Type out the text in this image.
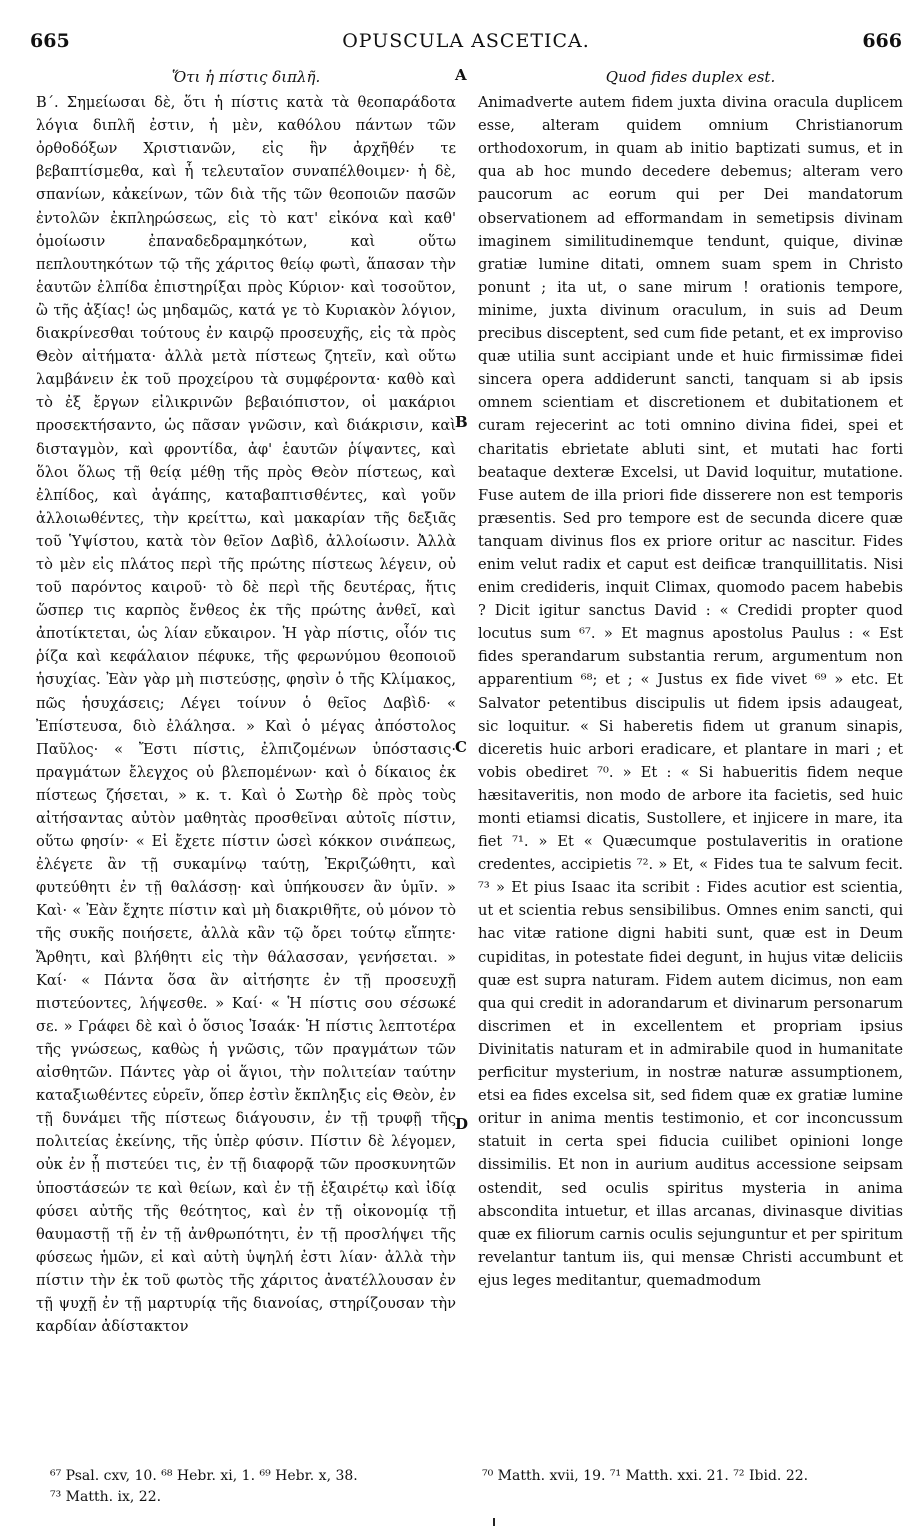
665	OPUSCULA ASCETICA.	666
Ὅτι ἡ πίστις διπλῆ.

Β΄. Σημείωσαι δὲ, ὅτι ἡ πίστις κατὰ τὰ θεοπαράδοτα λόγια διπλῆ ἐστιν, ἡ μὲν, καθόλου πάντων τῶν ὀρθοδόξων Χριστιανῶν, εἰς ἣν ἀρχῆθέν τε βεβαπτίσμεθα, καὶ ἧ τελευταῖον συναπέλθοιμεν· ἡ δὲ, σπανίων, κἀκείνων, τῶν διὰ τῆς τῶν θεοποιῶν πασῶν ἐντολῶν ἐκπληρώσεως, εἰς τὸ κατ' εἰκόνα καὶ καθ' ὁμοίωσιν ἐπαναδεδραμηκότων, καὶ οὕτω πεπλουτηκότων τῷ τῆς χάριτος θείῳ φωτὶ, ἅπασαν τὴν ἑαυτῶν ἐλπίδα ἐπιστηρίξαι πρὸς Κύριον· καὶ τοσοῦτον, ὢ τῆς ἀξίας! ὡς μηδαμῶς, κατά γε τὸ Κυριακὸν λόγιον, διακρίνεσθαι τούτους ἐν καιρῷ προσευχῆς, εἰς τὰ πρὸς Θεὸν αἰτήματα· ἀλλὰ μετὰ πίστεως ζητεῖν, καὶ οὕτω λαμβάνειν ἐκ τοῦ προχείρου τὰ συμφέροντα· καθὸ καὶ τὸ ἐξ ἔργων εἰλικρινῶν βεβαιόπιστον, οἱ μακάριοι προσεκτήσαντο, ὡς πᾶσαν γνῶσιν, καὶ διάκρισιν, καὶ δισταγμὸν, καὶ φροντίδα, ἀφ' ἑαυτῶν ῥίψαντες, καὶ ὅλοι ὅλως τῇ θείᾳ μέθῃ τῆς πρὸς Θεὸν πίστεως, καὶ ἐλπίδος, καὶ ἀγάπης, καταβαπτισθέντες, καὶ γοῦν ἀλλοιωθέντες, τὴν κρείττω, καὶ μακαρίαν τῆς δεξιᾶς τοῦ Ὑψίστου, κατὰ τὸν θεῖον Δαβὶδ, ἀλλοίωσιν. Ἀλλὰ τὸ μὲν εἰς πλάτος περὶ τῆς πρώτης πίστεως λέγειν, οὐ τοῦ παρόντος καιροῦ· τὸ δὲ περὶ τῆς δευτέρας, ἥτις ὥσπερ τις καρπὸς ἔνθεος ἐκ τῆς πρώτης ἀνθεῖ, καὶ ἀποτίκτεται, ὡς λίαν εὔκαιρον. Ἡ γὰρ πίστις, οἷόν τις ῥίζα καὶ κεφάλαιον πέφυκε, τῆς φερωνύμου θεοποιοῦ ἡσυχίας. Ἐὰν γὰρ μὴ πιστεύσῃς, φησὶν ὁ τῆς Κλίμακος, πῶς ἡσυχάσεις; Λέγει τοίνυν ὁ θεῖος Δαβὶδ· « Ἐπίστευσα, διὸ ἐλάλησα. » Καὶ ὁ μέγας ἀπόστολος Παῦλος· « Ἔστι πίστις, ἐλπιζομένων ὑπόστασις· πραγμάτων ἔλεγχος οὐ βλεπομένων· καὶ ὁ δίκαιος ἐκ πίστεως ζήσεται, » κ. τ. Καὶ ὁ Σωτὴρ δὲ πρὸς τοὺς αἰτήσαντας αὐτὸν μαθητὰς προσθεῖναι αὐτοῖς πίστιν, οὕτω φησίν· « Εἰ ἔχετε πίστιν ὡσεὶ κόκκον σινάπεως, ἐλέγετε ἂν τῇ συκαμίνῳ ταύτῃ, Ἐκριζώθητι, καὶ φυτεύθητι ἐν τῇ θαλάσσῃ· καὶ ὑπήκουσεν ἂν ὑμῖν. » Καὶ· « Ἐὰν ἔχητε πίστιν καὶ μὴ διακριθῆτε, οὐ μόνον τὸ τῆς συκῆς ποιήσετε, ἀλλὰ κἂν τῷ ὄρει τούτῳ εἴπητε· Ἄρθητι, καὶ βλήθητι εἰς τὴν θάλασσαν, γενήσεται. » Καί· « Πάντα ὅσα ἂν αἰτήσητε ἐν τῇ προσευχῇ πιστεύοντες, λήψεσθε. » Καί· « Ἡ πίστις σου σέσωκέ σε. » Γράφει δὲ καὶ ὁ ὅσιος Ἰσαάκ· Ἡ πίστις λεπτοτέρα τῆς γνώσεως, καθὼς ἡ γνῶσις, τῶν πραγμάτων τῶν αἰσθητῶν. Πάντες γὰρ οἱ ἅγιοι, τὴν πολιτείαν ταύτην καταξιωθέντες εὑρεῖν, ὅπερ ἐστὶν ἔκπληξις εἰς Θεὸν, ἐν τῇ δυνάμει τῆς πίστεως διάγουσιν, ἐν τῇ τρυφῇ τῆς πολιτείας ἐκείνης, τῆς ὑπὲρ φύσιν. Πίστιν δὲ λέγομεν, οὐκ ἐν ᾗ πιστεύει τις, ἐν τῇ διαφορᾷ τῶν προσκυνητῶν ὑποστάσεών τε καὶ θείων, καὶ ἐν τῇ ἐξαιρέτῳ καὶ ἰδίᾳ φύσει αὐτῆς τῆς θεότητος, καὶ ἐν τῇ οἰκονομίᾳ τῇ θαυμαστῇ τῇ ἐν τῇ ἀνθρωπότητι, ἐν τῇ προσλήψει τῆς φύσεως ἡμῶν, εἰ καὶ αὐτὴ ὑψηλή ἐστι λίαν· ἀλλὰ τὴν πίστιν τὴν ἐκ τοῦ φωτὸς τῆς χάριτος ἀνατέλλουσαν ἐν τῇ ψυχῇ ἐν τῇ μαρτυρίᾳ τῆς διανοίας, στηρίζουσαν τὴν καρδίαν ἀδίστακτον

A
B
C
D
Quod fides duplex est.

Animadverte autem fidem juxta divina oracula duplicem esse, alteram quidem omnium Christianorum orthodoxorum, in quam ab initio baptizati sumus, et in qua ab hoc mundo decedere debemus; alteram vero paucorum ac eorum qui per Dei mandatorum observationem ad efformandam in semetipsis divinam imaginem similitudinemque tendunt, quique, divinæ gratiæ lumine ditati, omnem suam spem in Christo ponunt ; ita ut, o sane mirum ! orationis tempore, minime, juxta divinum oraculum, in suis ad Deum precibus disceptent, sed cum fide petant, et ex improviso quæ utilia sunt accipiant unde et huic firmissimæ fidei sincera opera addiderunt sancti, tanquam si ab ipsis omnem scientiam et discretionem et dubitationem et curam rejecerint ac toti omnino divina fidei, spei et charitatis ebrietate abluti sint, et mutati hac forti beataque dexteræ Excelsi, ut David loquitur, mutatione. Fuse autem de illa priori fide disserere non est temporis præsentis. Sed pro tempore est de secunda dicere quæ tanquam divinus flos ex priore oritur ac nascitur. Fides enim velut radix et caput est deificæ tranquillitatis. Nisi enim credideris, inquit Climax, quomodo pacem habebis ? Dicit igitur sanctus David : « Credidi propter quod locutus sum ⁶⁷. » Et magnus apostolus Paulus : « Est fides sperandarum substantia rerum, argumentum non apparentium ⁶⁸; et ; « Justus ex fide vivet ⁶⁹ » etc. Et Salvator petentibus discipulis ut fidem ipsis adaugeat, sic loquitur. « Si haberetis fidem ut granum sinapis, diceretis huic arbori eradicare, et plantare in mari ; et vobis obediret ⁷⁰. » Et : « Si habueritis fidem neque hæsitaveritis, non modo de arbore ita facietis, sed huic monti etiamsi dicatis, Sustollere, et injicere in mare, ita fiet ⁷¹. » Et « Quæcumque postulaveritis in oratione credentes, accipietis ⁷². » Et, « Fides tua te salvum fecit. ⁷³ » Et pius Isaac ita scribit : Fides acutior est scientia, ut et scientia rebus sensibilibus. Omnes enim sancti, qui hac vitæ ratione digni habiti sunt, quæ est in Deum cupiditas, in potestate fidei degunt, in hujus vitæ deliciis quæ est supra naturam. Fidem autem dicimus, non eam qua qui credit in adorandarum et divinarum personarum discrimen et in excellentem et propriam ipsius Divinitatis naturam et in admirabile quod in humanitate perficitur mysterium, in nostræ naturæ assumptionem, etsi ea fides excelsa sit, sed fidem quæ ex gratiæ lumine oritur in anima mentis testimonio, et cor inconcussum statuit in certa spei fiducia cuilibet opinioni longe dissimilis. Et non in aurium auditus accessione seipsam ostendit, sed oculis spiritus mysteria in anima abscondita intuetur, et illas arcanas, divinasque divitias quæ ex filiorum carnis oculis sejunguntur et per spiritum revelantur tantum iis, qui mensæ Christi accumbunt et ejus leges meditantur, quemadmodum

⁶⁷ Psal. cxv, 10. ⁶⁸ Hebr. xi, 1. ⁶⁹ Hebr. x, 38.
⁷³ Matth. ix, 22.
⁷⁰ Matth. xvii, 19. ⁷¹ Matth. xxi. 21. ⁷² Ibid. 22.
